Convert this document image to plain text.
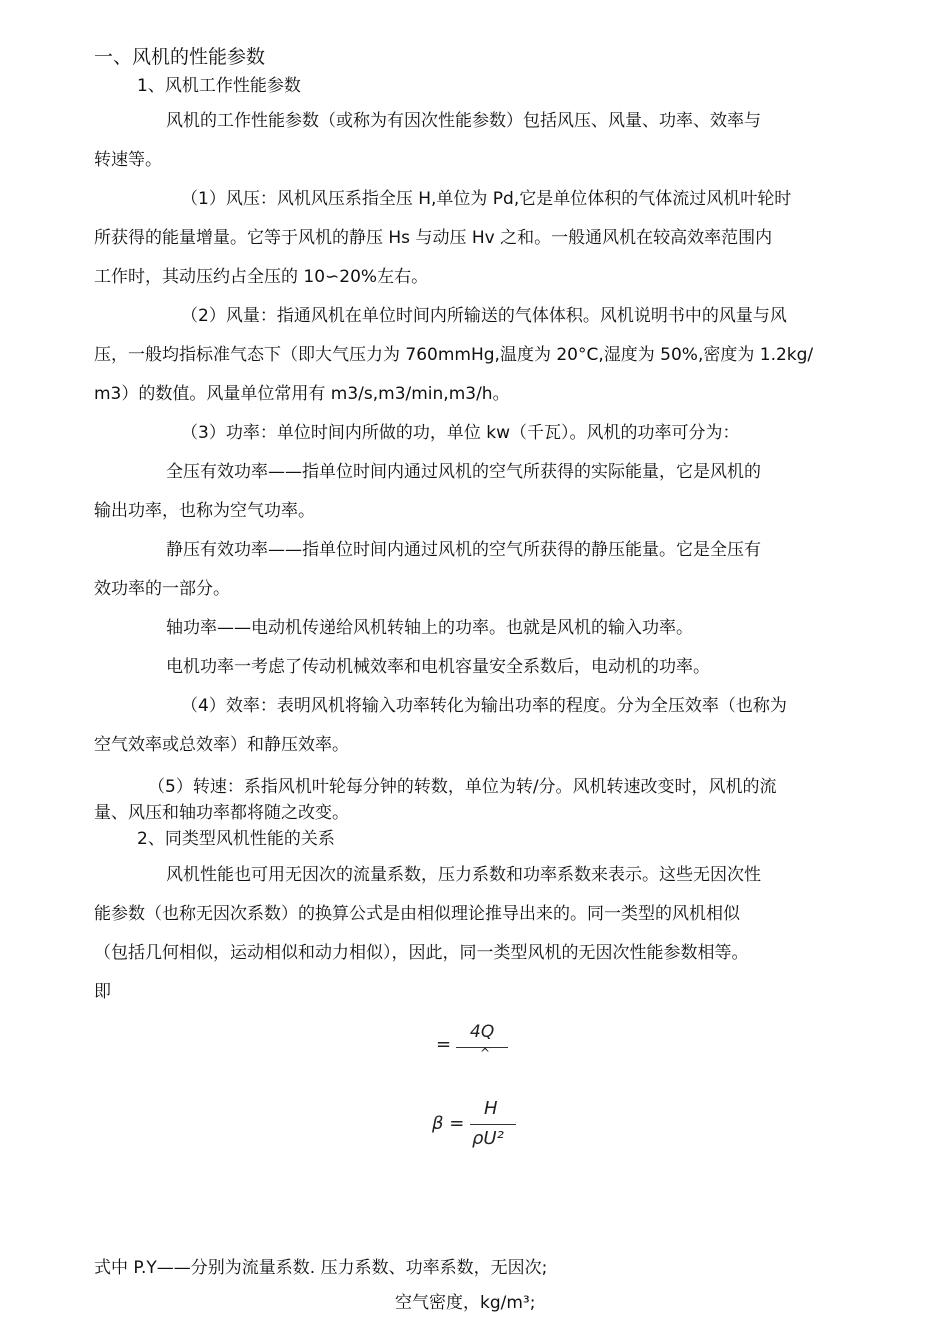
一、风机的性能参数
1、风机工作性能参数
风机的工作性能参数（或称为有因次性能参数）包括风压、风量、功率、效率与
转速等。
（1）风压：风机风压系指全压 H,单位为 Pd,它是单位体积的气体流过风机叶轮时
所获得的能量增量。它等于风机的静压 Hs 与动压 Hv 之和。一般通风机在较高效率范围内
工作时，其动压约占全压的 10∽20%左右。
（2）风量：指通风机在单位时间内所输送的气体体积。风机说明书中的风量与风
压，一般均指标准气态下（即大气压力为 760mmHg,温度为 20°C,湿度为 50%,密度为 1.2kg/
m3）的数值。风量单位常用有 m3/s,m3/min,m3/h。
（3）功率：单位时间内所做的功，单位 kw（千瓦）。风机的功率可分为：
全压有效功率——指单位时间内通过风机的空气所获得的实际能量，它是风机的
输出功率，也称为空气功率。
静压有效功率——指单位时间内通过风机的空气所获得的静压能量。它是全压有
效功率的一部分。
轴功率——电动机传递给风机转轴上的功率。也就是风机的输入功率。
电机功率一考虑了传动机械效率和电机容量安全系数后，电动机的功率。
（4）效率：表明风机将输入功率转化为输出功率的程度。分为全压效率（也称为
空气效率或总效率）和静压效率。
（5）转速：系指风机叶轮每分钟的转数，单位为转/分。风机转速改变时，风机的流
量、风压和轴功率都将随之改变。
2、同类型风机性能的关系
风机性能也可用无因次的流量系数，压力系数和功率系数来表示。这些无因次性
能参数（也称无因次系数）的换算公式是由相似理论推导出来的。同一类型的风机相似
（包括几何相似，运动相似和动力相似），因此，同一类型风机的无因次性能参数相等。
即
=
4Q
^
β =
H
ρU²
式中 P.Y——分别为流量系数. 压力系数、功率系数，无因次;
空气密度，kg/m³;
